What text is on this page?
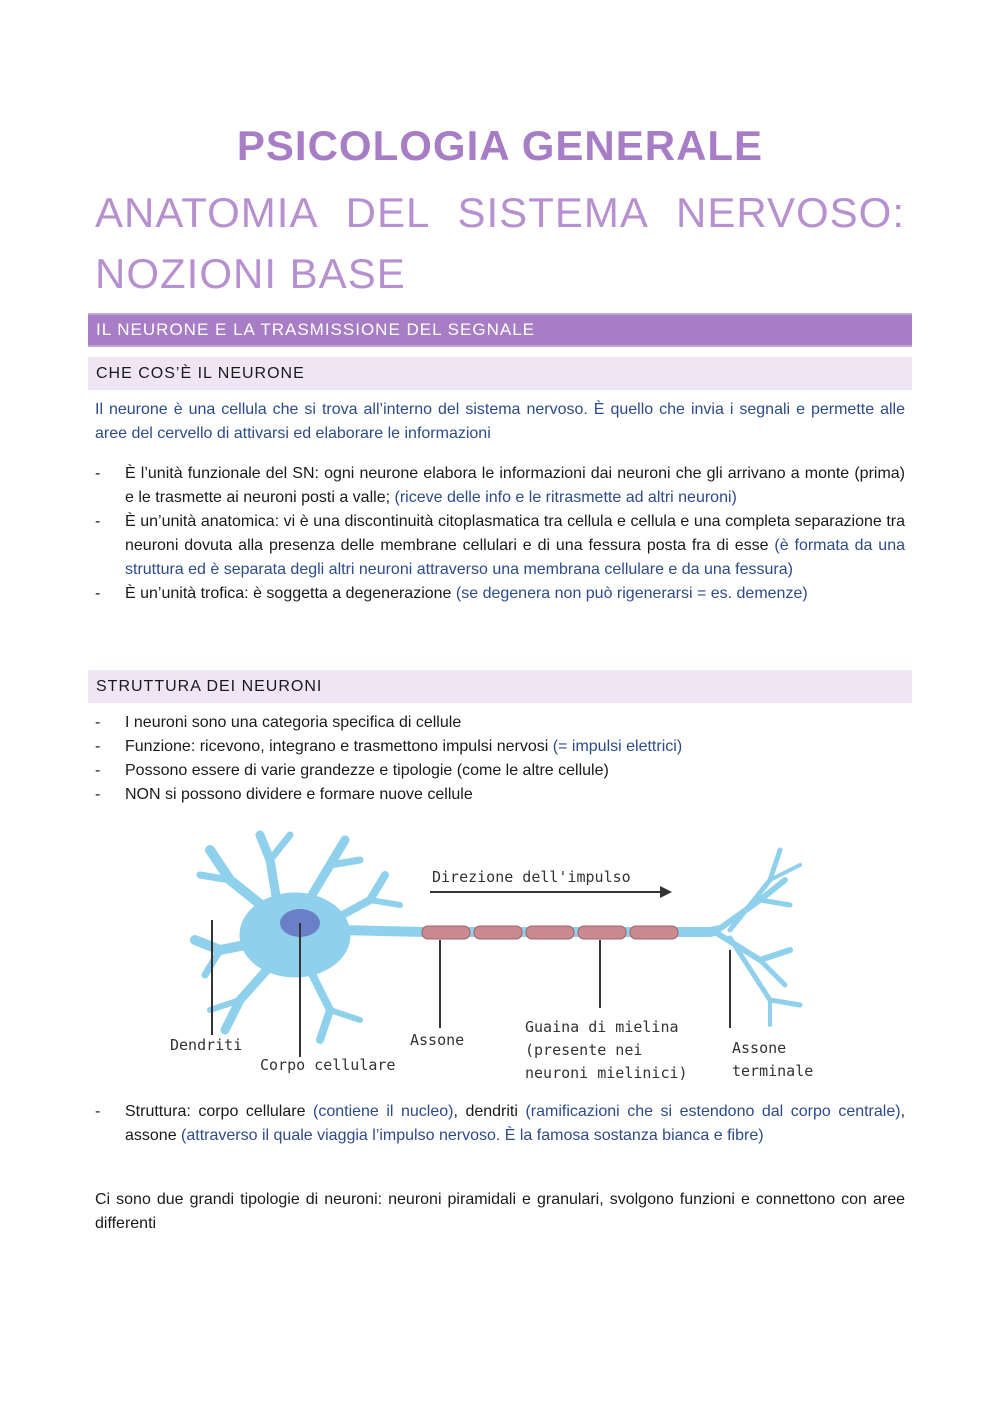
PSICOLOGIA GENERALE
ANATOMIA DEL SISTEMA NERVOSO:
NOZIONI BASE
IL NEURONE E LA TRASMISSIONE DEL SEGNALE
CHE COS’È IL NEURONE
Il neurone è una cellula che si trova all’interno del sistema nervoso. È quello che invia i segnali e permette alle aree del cervello di attivarsi ed elaborare le informazioni
- È l’unità funzionale del SN: ogni neurone elabora le informazioni dai neuroni che gli arrivano a monte (prima) e le trasmette ai neuroni posti a valle; (riceve delle info e le ritrasmette ad altri neuroni)
- È un’unità anatomica: vi è una discontinuità citoplasmatica tra cellula e cellula e una completa separazione tra neuroni dovuta alla presenza delle membrane cellulari e di una fessura posta fra di esse (è formata da una struttura ed è separata degli altri neuroni attraverso una membrana cellulare e da una fessura)
- È un’unità trofica: è soggetta a degenerazione (se degenera non può rigenerarsi = es. demenze)
STRUTTURA DEI NEURONI
- I neuroni sono una categoria specifica di cellule
- Funzione: ricevono, integrano e trasmettono impulsi nervosi (= impulsi elettrici)
- Possono essere di varie grandezze e tipologie (come le altre cellule)
- NON si possono dividere e formare nuove cellule
Direzione dell'impulso
Dendriti
Corpo cellulare
Assone
Guaina di mielina
(presente nei
neuroni mielinici)
Assone
terminale
- Struttura: corpo cellulare (contiene il nucleo), dendriti (ramificazioni che si estendono dal corpo centrale), assone (attraverso il quale viaggia l’impulso nervoso. È la famosa sostanza bianca e fibre)
Ci sono due grandi tipologie di neuroni: neuroni piramidali e granulari, svolgono funzioni e connettono con aree differenti
